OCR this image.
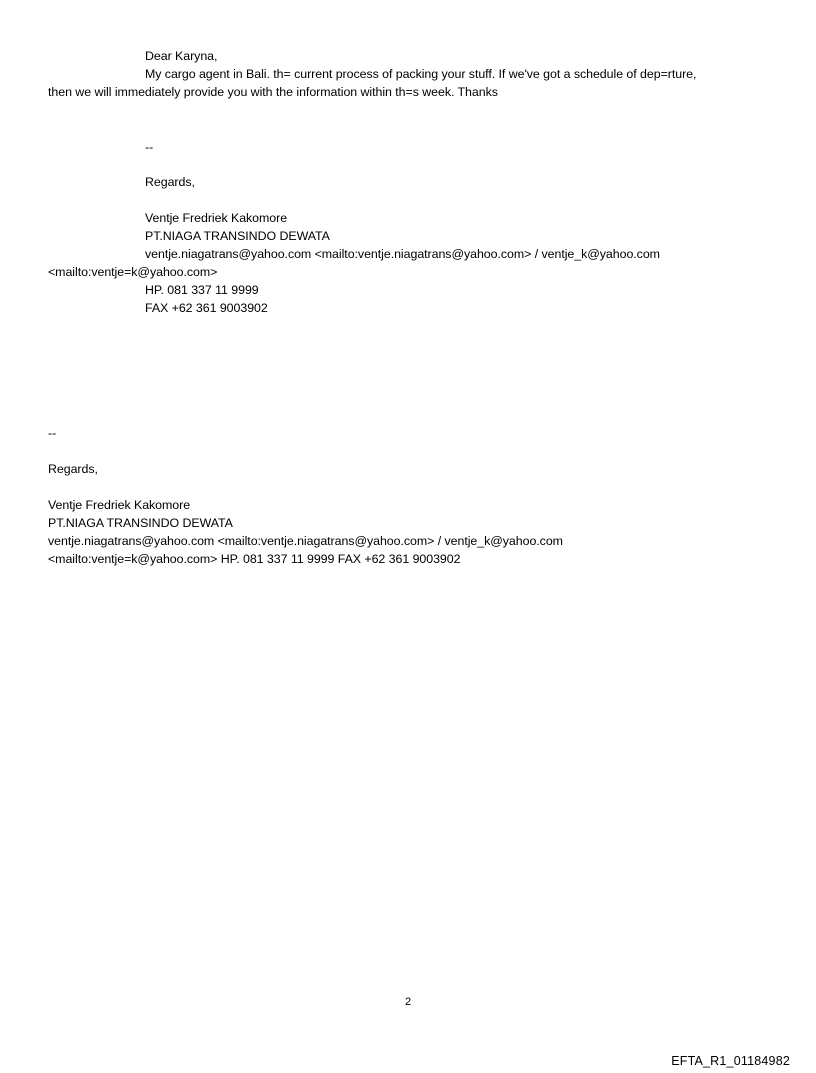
Dear Karyna,
My cargo agent in Bali. th= current process of packing your stuff. If we've got a schedule of dep=rture,
then we will immediately provide you with the information within th=s week. Thanks
--
Regards,
Ventje Fredriek Kakomore
PT.NIAGA TRANSINDO DEWATA
ventje.niagatrans@yahoo.com <mailto:ventje.niagatrans@yahoo.com> / ventje_k@yahoo.com
<mailto:ventje=k@yahoo.com>
HP. 081 337 11 9999
FAX +62 361 9003902
--
Regards,
Ventje Fredriek Kakomore
PT.NIAGA TRANSINDO DEWATA
ventje.niagatrans@yahoo.com <mailto:ventje.niagatrans@yahoo.com> / ventje_k@yahoo.com
<mailto:ventje=k@yahoo.com> HP. 081 337 11 9999 FAX +62 361 9003902
2
EFTA_R1_01184982
